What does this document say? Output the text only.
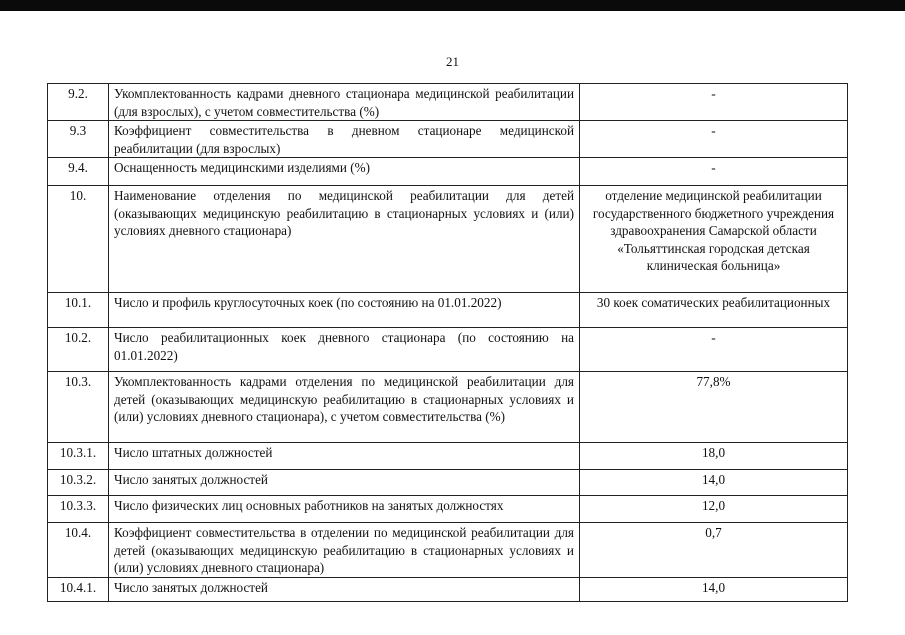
21
9.2.	Укомплектованность кадрами дневного стационара медицинской реабилитации (для взрослых), с учетом совместительства (%)	-
9.3	Коэффициент совместительства в дневном стационаре медицинской реабилитации (для взрослых)	-
9.4.	Оснащенность медицинскими изделиями (%)	-
10.	Наименование отделения по медицинской реабилитации для детей (оказывающих медицинскую реабилитацию в стационарных условиях и (или) условиях дневного стационара)	отделение медицинской реабилитации государственного бюджетного учреждения здравоохранения Самарской области «Тольяттинская городская детская клиническая больница»
10.1.	Число и профиль круглосуточных коек (по состоянию на 01.01.2022)	30 коек соматических реабилитационных
10.2.	Число реабилитационных коек дневного стационара (по состоянию на 01.01.2022)	-
10.3.	Укомплектованность кадрами отделения по медицинской реабилитации для детей (оказывающих медицинскую реабилитацию в стационарных условиях и (или) условиях дневного стационара), с учетом совместительства (%)	77,8%
10.3.1.	Число штатных должностей	18,0
10.3.2.	Число занятых должностей	14,0
10.3.3.	Число физических лиц основных работников на занятых должностях	12,0
10.4.	Коэффициент совместительства в отделении по медицинской реабилитации для детей (оказывающих медицинскую реабилитацию в стационарных условиях и (или) условиях дневного стационара)	0,7
10.4.1.	Число занятых должностей	14,0
